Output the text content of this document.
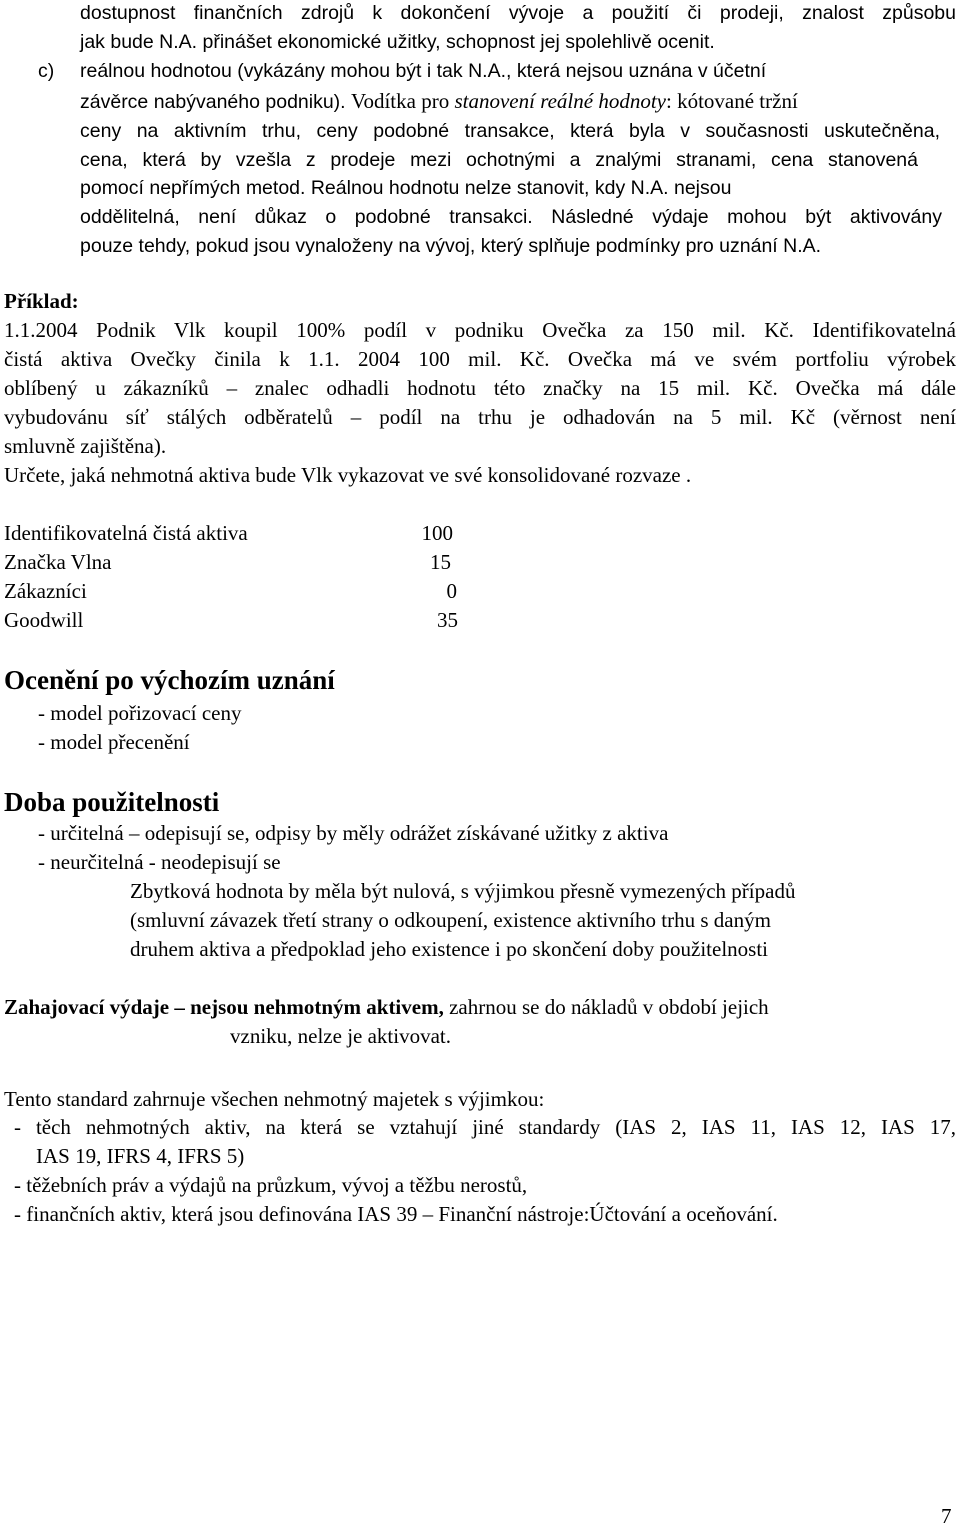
dostupnost finančních zdrojů k dokončení vývoje a použití či prodeji, znalost způsobu
jak bude N.A. přinášet ekonomické užitky, schopnost jej spolehlivě ocenit.
c) reálnou hodnotou (vykázány mohou být i tak N.A., která nejsou uznána v účetní
závěrce nabývaného podniku). Vodítka pro stanovení reálné hodnoty: kótované tržní
ceny na aktivním trhu, ceny podobné transakce, která byla v současnosti uskutečněna,
cena, která by vzešla z prodeje mezi ochotnými a znalými stranami, cena stanovená
pomocí nepřímých metod. Reálnou hodnotu nelze stanovit, kdy N.A. nejsou
oddělitelná, není důkaz o podobné transakci. Následné výdaje mohou být aktivovány
pouze tehdy, pokud jsou vynaloženy na vývoj, který splňuje podmínky pro uznání N.A.
Příklad:
1.1.2004 Podnik Vlk koupil 100% podíl v podniku Ovečka za 150 mil. Kč. Identifikovatelná
čistá aktiva Ovečky činila k 1.1. 2004 100 mil. Kč. Ovečka má ve svém portfoliu výrobek
oblíbený u zákazníků – znalec odhadli hodnotu této značky na 15 mil. Kč. Ovečka má dále
vybudovánu síť stálých odběratelů – podíl na trhu je odhadován na 5 mil. Kč (věrnost není
smluvně zajištěna).
Určete, jaká nehmotná aktiva bude Vlk vykazovat ve své konsolidované rozvaze .
Identifikovatelná čistá aktiva	100
Značka Vlna	15
Zákazníci	0
Goodwill	35
Ocenění po výchozím uznání
- model pořizovací ceny
- model přecenění
Doba použitelnosti
- určitelná – odepisují se, odpisy by měly odrážet získávané užitky z aktiva
- neurčitelná - neodepisují se
Zbytková hodnota by měla být nulová, s výjimkou přesně vymezených případů
(smluvní závazek třetí strany o odkoupení, existence aktivního trhu s daným
druhem aktiva a předpoklad jeho existence i po skončení doby použitelnosti
Zahajovací výdaje – nejsou nehmotným aktivem, zahrnou se do nákladů v období jejich
vzniku, nelze je aktivovat.
Tento standard zahrnuje všechen nehmotný majetek s výjimkou:
- těch nehmotných aktiv, na která se vztahují jiné standardy (IAS 2, IAS 11, IAS 12, IAS 17,
IAS 19, IFRS 4, IFRS 5)
- těžebních práv a výdajů na průzkum, vývoj a těžbu nerostů,
- finančních aktiv, která jsou definována IAS 39 – Finanční nástroje:Účtování a oceňování.
7
